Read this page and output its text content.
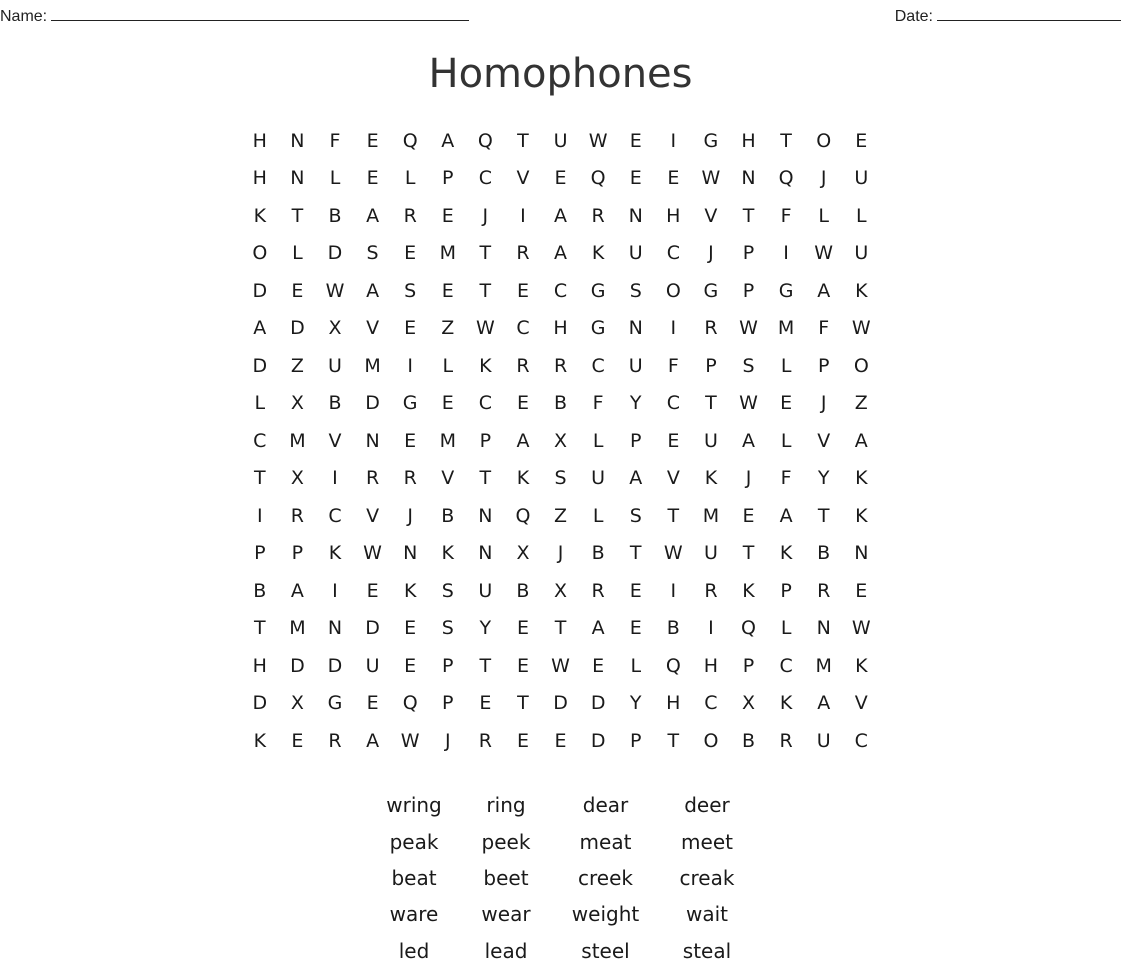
Name:	Date:
Homophones
H	N	F	E	Q	A	Q	T	U	W	E	I	G	H	T	O	E
H	N	L	E	L	P	C	V	E	Q	E	E	W	N	Q	J	U
K	T	B	A	R	E	J	I	A	R	N	H	V	T	F	L	L
O	L	D	S	E	M	T	R	A	K	U	C	J	P	I	W	U
D	E	W	A	S	E	T	E	C	G	S	O	G	P	G	A	K
A	D	X	V	E	Z	W	C	H	G	N	I	R	W	M	F	W
D	Z	U	M	I	L	K	R	R	C	U	F	P	S	L	P	O
L	X	B	D	G	E	C	E	B	F	Y	C	T	W	E	J	Z
C	M	V	N	E	M	P	A	X	L	P	E	U	A	L	V	A
T	X	I	R	R	V	T	K	S	U	A	V	K	J	F	Y	K
I	R	C	V	J	B	N	Q	Z	L	S	T	M	E	A	T	K
P	P	K	W	N	K	N	X	J	B	T	W	U	T	K	B	N
B	A	I	E	K	S	U	B	X	R	E	I	R	K	P	R	E
T	M	N	D	E	S	Y	E	T	A	E	B	I	Q	L	N	W
H	D	D	U	E	P	T	E	W	E	L	Q	H	P	C	M	K
D	X	G	E	Q	P	E	T	D	D	Y	H	C	X	K	A	V
K	E	R	A	W	J	R	E	E	D	P	T	O	B	R	U	C
wring	ring	dear	deer
peak	peek	meat	meet
beat	beet	creek	creak
ware	wear	weight	wait
led	lead	steel	steal
